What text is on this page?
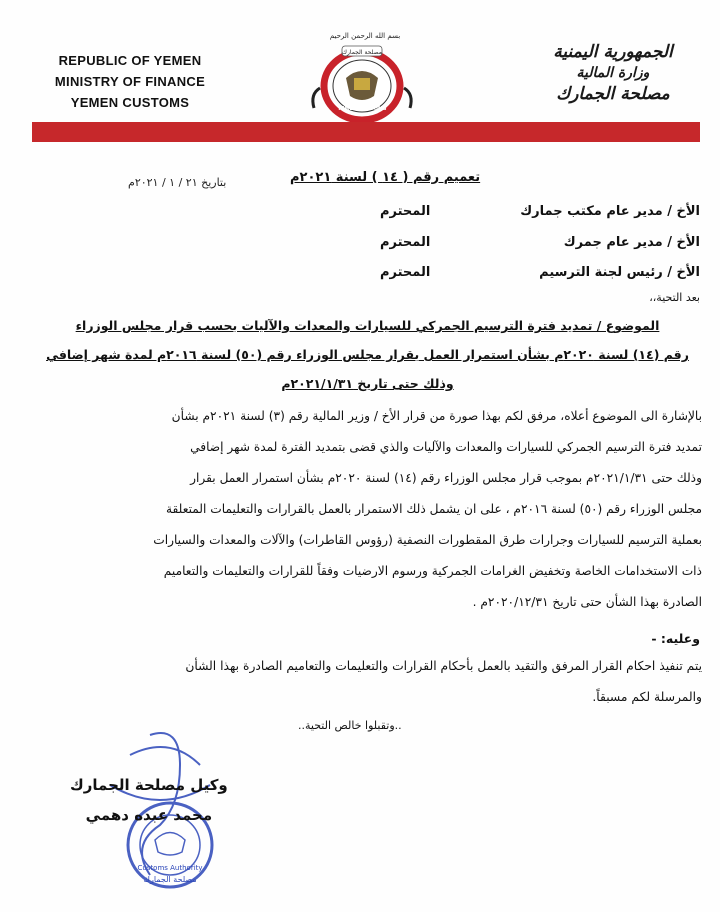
REPUBLIC OF YEMEN
MINISTRY OF FINANCE
YEMEN CUSTOMS
بسم الله الرحمن الرحيم
مصلحة الجمارك
YEMEN CUSTOMS
الجمهورية اليمنية
وزارة المالية
مصلحة الجمارك
بتاريخ ٢١ / ١ / ٢٠٢١م	تعميم رقم ( ١٤ ) لسنة ٢٠٢١م
الأخ / مدير عام مكتب جمارك
المحترم
الأخ / مدير عام جمرك
المحترم
الأخ / رئيس لجنة الترسيم
المحترم
بعد التحية،،
الموضوع / تمديد فترة الترسيم الجمركي للسيارات والمعدات والآليات بحسب قرار مجلس الوزراء
رقم (١٤) لسنة ٢٠٢٠م بشأن استمرار العمل بقرار مجلس الوزراء رقم (٥٠) لسنة ٢٠١٦م لمدة شهر إضافي
وذلك حتى تاريخ ٢٠٢١/١/٣١م
بالإشارة الى الموضوع أعلاه، مرفق لكم بهذا صورة من قرار الأخ / وزير المالية رقم (٣) لسنة ٢٠٢١م بشأن
تمديد فترة الترسيم الجمركي للسيارات والمعدات والآليات والذي قضى بتمديد الفترة لمدة شهر إضافي
وذلك حتى ٢٠٢١/١/٣١م بموجب قرار مجلس الوزراء رقم (١٤) لسنة ٢٠٢٠م بشأن استمرار العمل بقرار
مجلس الوزراء رقم (٥٠) لسنة ٢٠١٦م ، على ان يشمل ذلك الاستمرار بالعمل بالقرارات والتعليمات المتعلقة
بعملية الترسيم للسيارات وجرارات طرق المقطورات النصفية (رؤوس القاطرات) والآلات والمعدات والسيارات
ذات الاستخدامات الخاصة وتخفيض الغرامات الجمركية ورسوم الارضيات وفقاً للقرارات والتعليمات والتعاميم
الصادرة بهذا الشأن حتى تاريخ ٢٠٢٠/١٢/٣١م .
وعليه: -
يتم تنفيذ احكام القرار المرفق والتقيد بالعمل بأحكام القرارات والتعليمات والتعاميم الصادرة بهذا الشأن
والمرسلة لكم مسبقاً.
..وتقبلوا خالص التحية..
Customs Authority
مصلحة الجمارك
وكيل مصلحة الجمارك
محمد عبده دهمي
